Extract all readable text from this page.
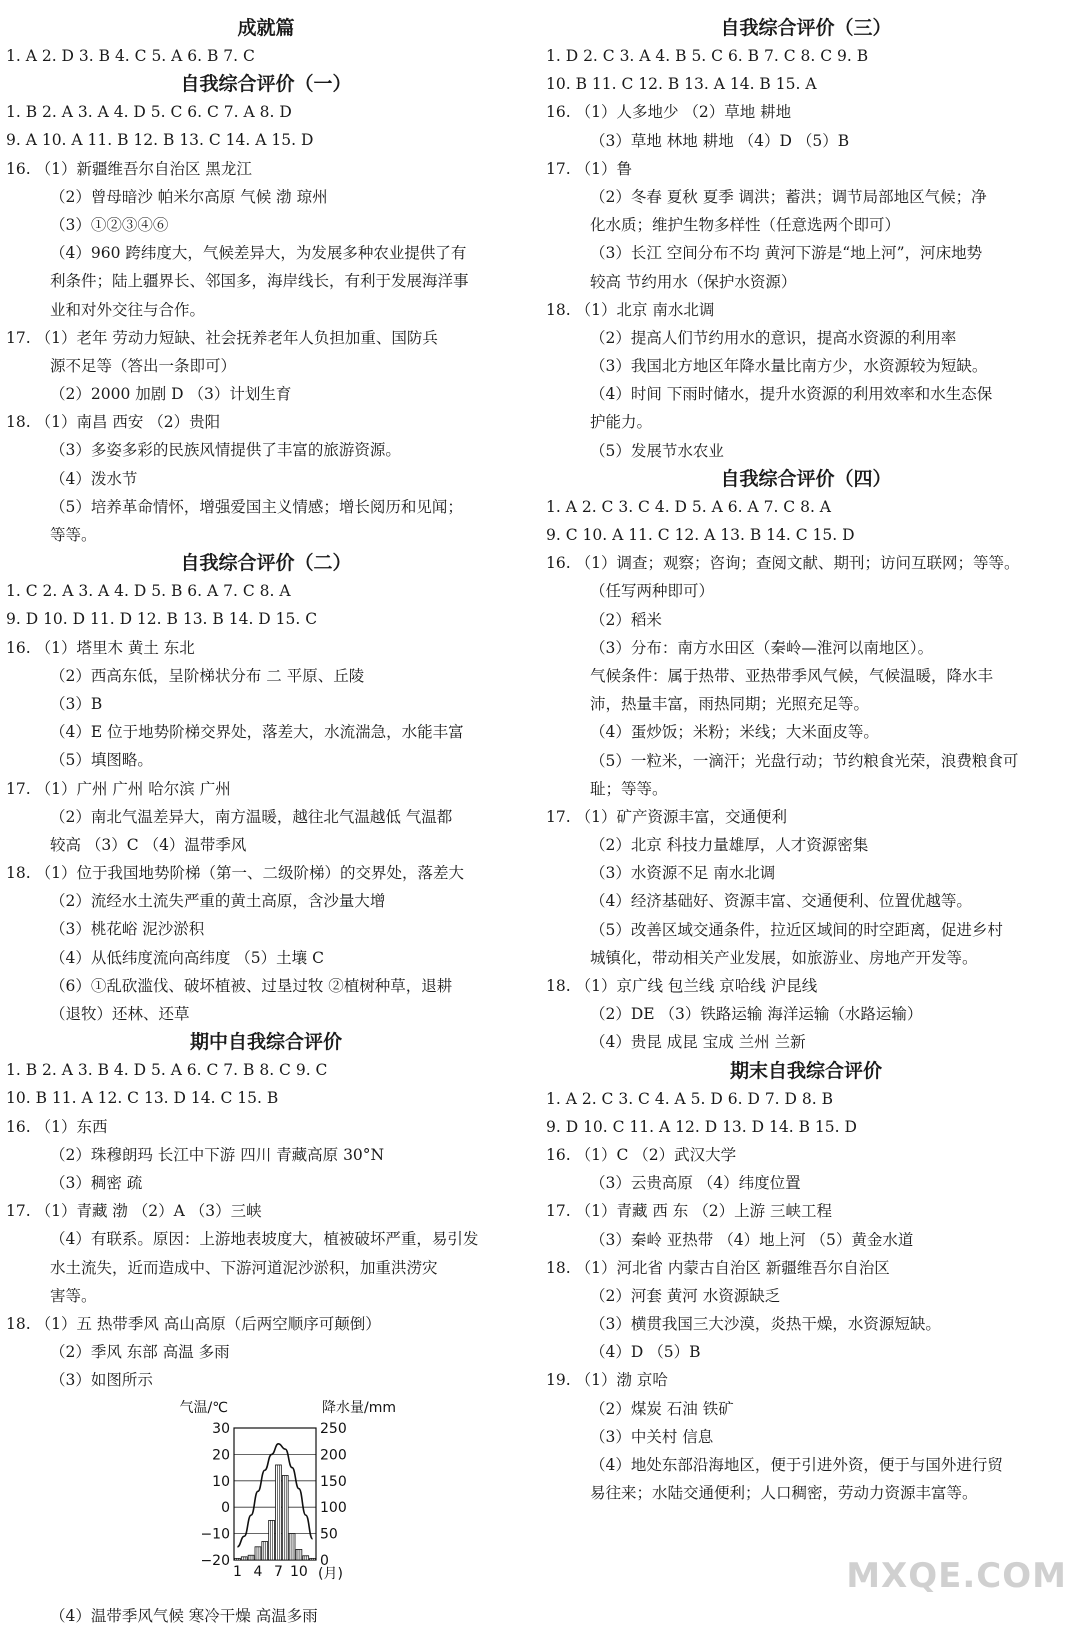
成就篇
1. A 2. D 3. B 4. C 5. A 6. B 7. C
自我综合评价（一）
1. B 2. A 3. A 4. D 5. C 6. C 7. A 8. D
9. A 10. A 11. B 12. B 13. C 14. A 15. D
16. （1）新疆维吾尔自治区 黑龙江
（2）曾母暗沙 帕米尔高原 气候 渤 琼州
（3）①②③④⑥
（4）960 跨纬度大，气候差异大，为发展多种农业提供了有
利条件；陆上疆界长、邻国多，海岸线长，有利于发展海洋事
业和对外交往与合作。
17. （1）老年 劳动力短缺、社会抚养老年人负担加重、国防兵
源不足等（答出一条即可）
（2）2000 加剧 D （3）计划生育
18. （1）南昌 西安 （2）贵阳
（3）多姿多彩的民族风情提供了丰富的旅游资源。
（4）泼水节
（5）培养革命情怀，增强爱国主义情感；增长阅历和见闻；
等等。
自我综合评价（二）
1. C 2. A 3. A 4. D 5. B 6. A 7. C 8. A
9. D 10. D 11. D 12. B 13. B 14. D 15. C
16. （1）塔里木 黄土 东北
（2）西高东低，呈阶梯状分布 二 平原、丘陵
（3）B
（4）E 位于地势阶梯交界处，落差大，水流湍急，水能丰富
（5）填图略。
17. （1）广州 广州 哈尔滨 广州
（2）南北气温差异大，南方温暖，越往北气温越低 气温都
较高 （3）C （4）温带季风
18. （1）位于我国地势阶梯（第一、二级阶梯）的交界处，落差大
（2）流经水土流失严重的黄土高原，含沙量大增
（3）桃花峪 泥沙淤积
（4）从低纬度流向高纬度 （5）土壤 C
（6）①乱砍滥伐、破坏植被、过垦过牧 ②植树种草，退耕
（退牧）还林、还草
期中自我综合评价
1. B 2. A 3. B 4. D 5. A 6. C 7. B 8. C 9. C
10. B 11. A 12. C 13. D 14. C 15. B
16. （1）东西
（2）珠穆朗玛 长江中下游 四川 青藏高原 30°N
（3）稠密 疏
17. （1）青藏 渤 （2）A （3）三峡
（4）有联系。原因：上游地表坡度大，植被破坏严重，易引发
水土流失，近而造成中、下游河道泥沙淤积，加重洪涝灾
害等。
18. （1）五 热带季风 高山高原（后两空顺序可颠倒）
（2）季风 东部 高温 多雨
（3）如图所示
气温/℃	降水量/mm
30
20
10
0
−10
−20
250
200
150
100
50
0
1 4 7 10 (月)
（4）温带季风气候 寒冷干燥 高温多雨
自我综合评价（三）
1. D 2. C 3. A 4. B 5. C 6. B 7. C 8. C 9. B
10. B 11. C 12. B 13. A 14. B 15. A
16. （1）人多地少 （2）草地 耕地
（3）草地 林地 耕地 （4）D （5）B
17. （1）鲁
（2）冬春 夏秋 夏季 调洪；蓄洪；调节局部地区气候；净
化水质；维护生物多样性（任意选两个即可）
（3）长江 空间分布不均 黄河下游是“地上河”，河床地势
较高 节约用水（保护水资源）
18. （1）北京 南水北调
（2）提高人们节约用水的意识，提高水资源的利用率
（3）我国北方地区年降水量比南方少，水资源较为短缺。
（4）时间 下雨时储水，提升水资源的利用效率和水生态保
护能力。
（5）发展节水农业
自我综合评价（四）
1. A 2. C 3. C 4. D 5. A 6. A 7. C 8. A
9. C 10. A 11. C 12. A 13. B 14. C 15. D
16. （1）调查；观察；咨询；查阅文献、期刊；访问互联网；等等。
（任写两种即可）
（2）稻米
（3）分布：南方水田区（秦岭—淮河以南地区）。
气候条件：属于热带、亚热带季风气候，气候温暖，降水丰
沛，热量丰富，雨热同期；光照充足等。
（4）蛋炒饭；米粉；米线；大米面皮等。
（5）一粒米，一滴汗；光盘行动；节约粮食光荣，浪费粮食可
耻；等等。
17. （1）矿产资源丰富，交通便利
（2）北京 科技力量雄厚，人才资源密集
（3）水资源不足 南水北调
（4）经济基础好、资源丰富、交通便利、位置优越等。
（5）改善区域交通条件，拉近区域间的时空距离，促进乡村
城镇化，带动相关产业发展，如旅游业、房地产开发等。
18. （1）京广线 包兰线 京哈线 沪昆线
（2）DE （3）铁路运输 海洋运输（水路运输）
（4）贵昆 成昆 宝成 兰州 兰新
期末自我综合评价
1. A 2. C 3. C 4. A 5. D 6. D 7. D 8. B
9. D 10. C 11. A 12. D 13. D 14. B 15. D
16. （1）C （2）武汉大学
（3）云贵高原 （4）纬度位置
17. （1）青藏 西 东 （2）上游 三峡工程
（3）秦岭 亚热带 （4）地上河 （5）黄金水道
18. （1）河北省 内蒙古自治区 新疆维吾尔自治区
（2）河套 黄河 水资源缺乏
（3）横贯我国三大沙漠，炎热干燥，水资源短缺。
（4）D （5）B
19. （1）渤 京哈
（2）煤炭 石油 铁矿
（3）中关村 信息
（4）地处东部沿海地区，便于引进外资，便于与国外进行贸
易往来；水陆交通便利；人口稠密，劳动力资源丰富等。
MXQE.COM
